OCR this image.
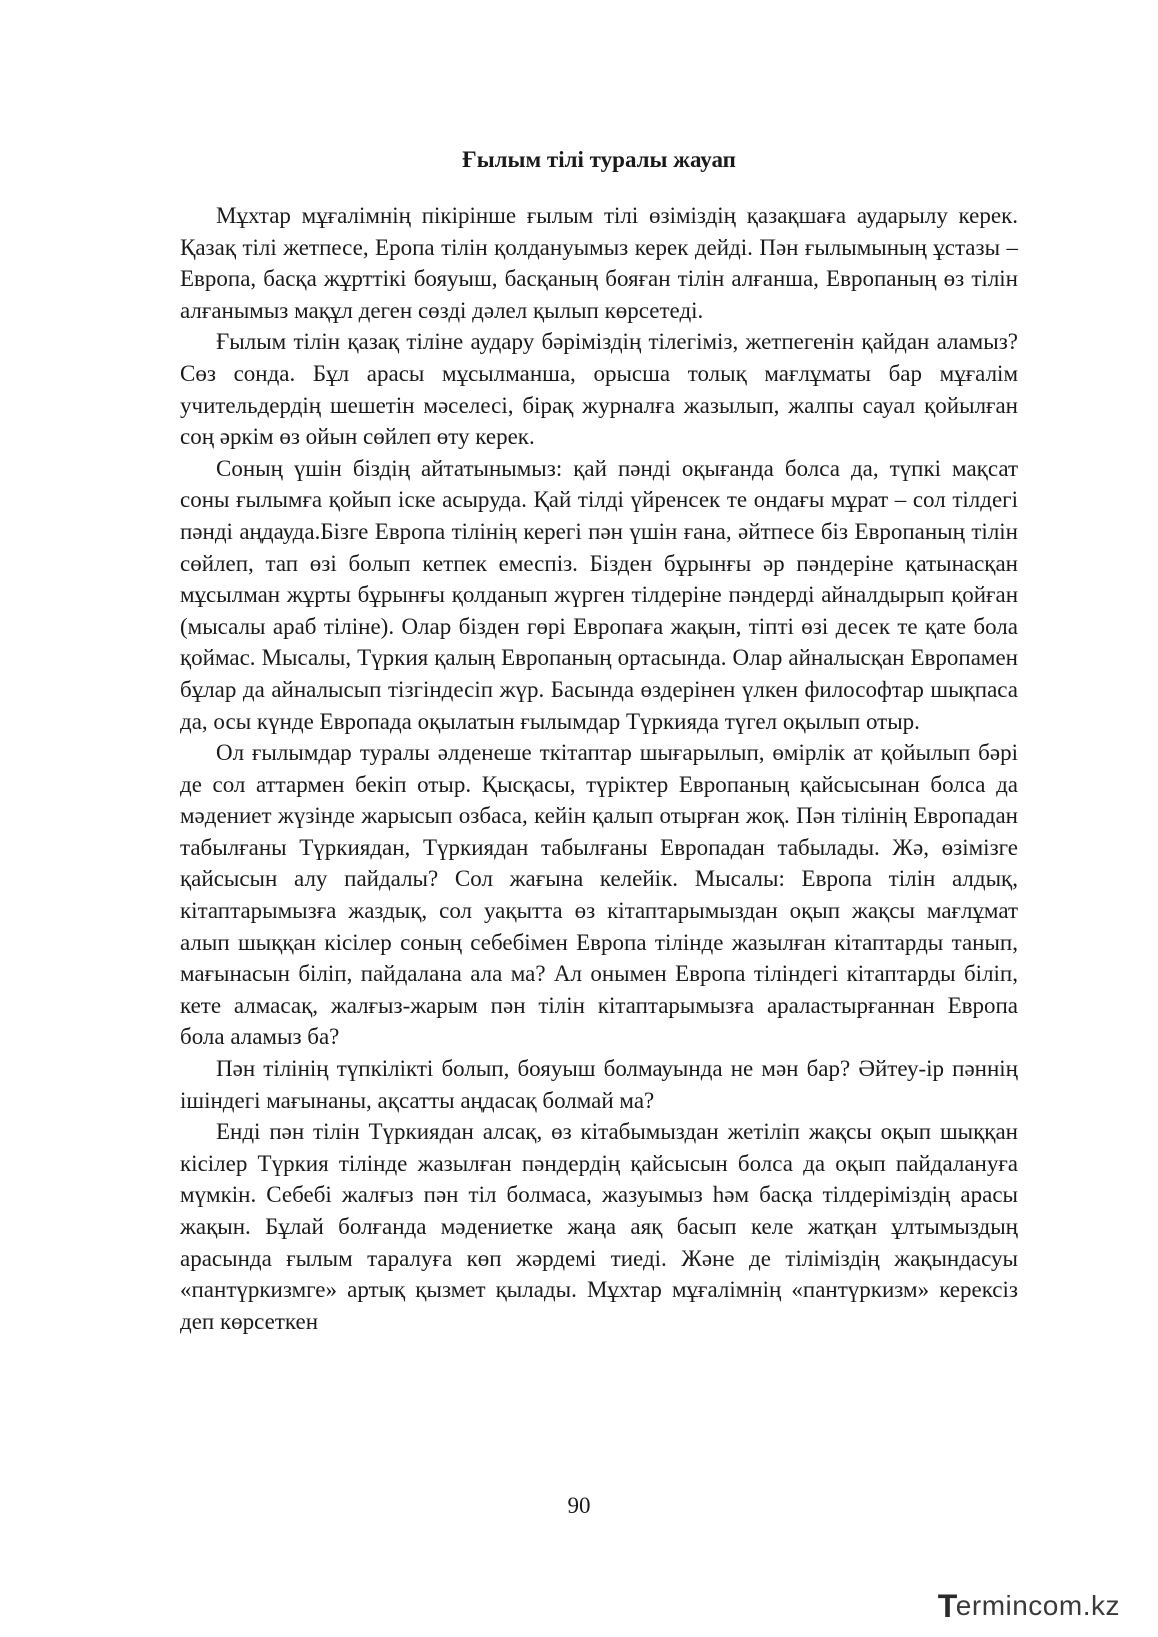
Ғылым тілі туралы жауап

Мұхтар мұғалімнің пікірінше ғылым тілі өзіміздің қазақшаға аударылу керек. Қазақ тілі жетпесе, Еропа тілін қолдануымыз керек дейді. Пән ғылымының ұстазы – Европа, басқа жұрттікі бояуыш, басқаның бояған тілін алғанша, Европаның өз тілін алғанымыз мақұл деген сөзді дәлел қылып көрсетеді.

Ғылым тілін қазақ тіліне аудару бәріміздің тілегіміз, жетпегенін қайдан аламыз? Сөз сонда. Бұл арасы мұсылманша, орысша толық мағлұматы бар мұғалім учительдердің шешетін мәселесі, бірақ журналға жазылып, жалпы сауал қойылған соң әркім өз ойын сөйлеп өту керек.

Соның үшін біздің айтатынымыз: қай пәнді оқығанда болса да, түпкі мақсат соны ғылымға қойып іске асыруда. Қай тілді үйренсек те ондағы мұрат – сол тілдегі пәнді аңдауда.Бізге Европа тілінің керегі пән үшін ғана, әйтпесе біз Европаның тілін сөйлеп, тап өзі болып кетпек емеспіз. Бізден бұрынғы әр пәндеріне қатынасқан мұсылман жұрты бұрынғы қолданып жүрген тілдеріне пәндерді айналдырып қойған (мысалы араб тіліне). Олар бізден гөрі Европаға жақын, тіпті өзі десек те қате бола қоймас. Мысалы, Түркия қалың Европаның ортасында. Олар айналысқан Европамен бұлар да айналысып тізгіндесіп жүр. Басында өздерінен үлкен философтар шықпаса да, осы күнде Европада оқылатын ғылымдар Түркияда түгел оқылып отыр.

Ол ғылымдар туралы әлденеше ткітаптар шығарылып, өмірлік ат қойылып бәрі де сол аттармен бекіп отыр. Қысқасы, түріктер Европаның қайсысынан болса да мәдениет жүзінде жарысып озбаса, кейін қалып отырған жоқ. Пән тілінің Европадан табылғаны Түркиядан, Түркиядан табылғаны Европадан табылады. Жә, өзімізге қайсысын алу пайдалы? Сол жағына келейік. Мысалы: Европа тілін алдық, кітаптарымызға жаздық, сол уақытта өз кітаптарымыздан оқып жақсы мағлұмат алып шыққан кісілер соның себебімен Европа тілінде жазылған кітаптарды танып, мағынасын біліп, пайдалана ала ма? Ал онымен Европа тіліндегі кітаптарды біліп, кете алмасақ, жалғыз-жарым пән тілін кітаптарымызға араластырғаннан Европа бола аламыз ба?

Пән тілінің түпкілікті болып, бояуыш болмауында не мән бар? Әйтеу-ір пәннің ішіндегі мағынаны, ақсатты аңдасақ болмай ма?

Енді пән тілін Түркиядан алсақ, өз кітабымыздан жетіліп жақсы оқып шыққан кісілер Түркия тілінде жазылған пәндердің қайсысын болса да оқып пайдалануға мүмкін. Себебі жалғыз пән тіл болмаса, жазуымыз һәм басқа тілдеріміздің арасы жақын. Бұлай болғанда мәдениетке жаңа аяқ басып келе жатқан ұлтымыздың арасында ғылым таралуға көп жәрдемі тиеді. Және де тіліміздің жақындасуы «пантүркизмге» артық қызмет қылады. Мұхтар мұғалімнің «пантүркизм» керексіз деп көрсеткен

90
T
ermincom.kz
